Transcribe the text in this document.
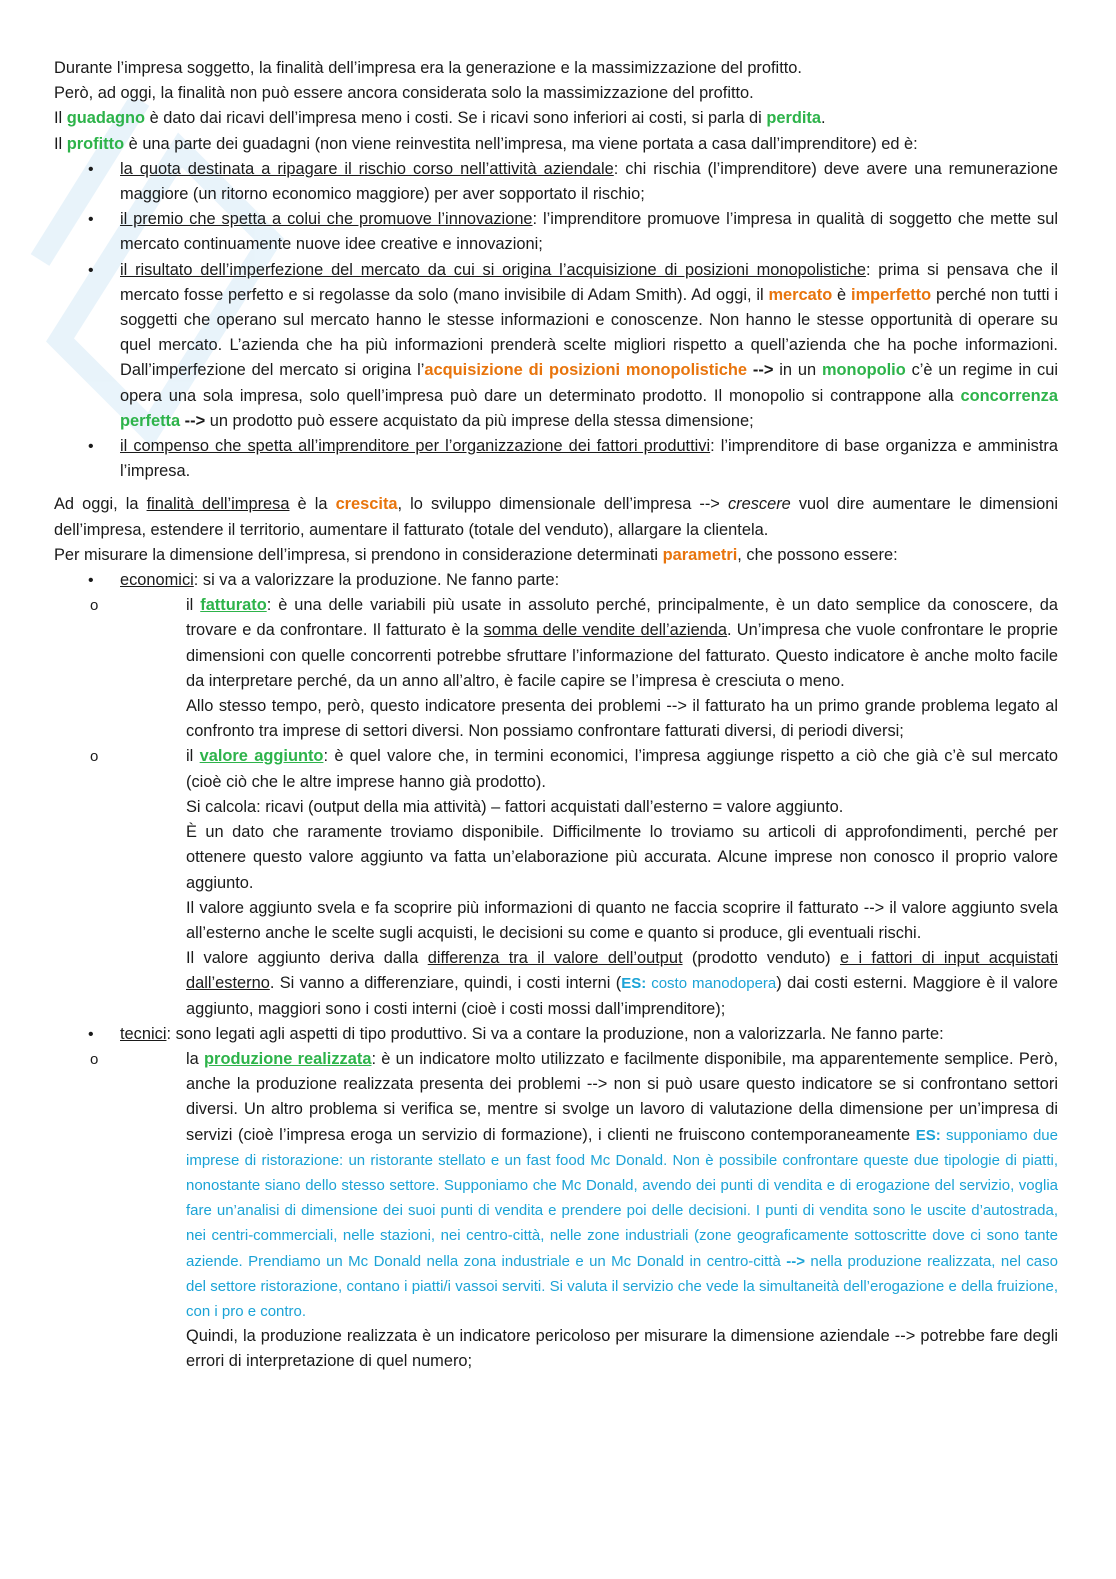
Durante l’impresa soggetto, la finalità dell’impresa era la generazione e la massimizzazione del profitto.

Però, ad oggi, la finalità non può essere ancora considerata solo la massimizzazione del profitto.

Il guadagno è dato dai ricavi dell’impresa meno i costi. Se i ricavi sono inferiori ai costi, si parla di perdita.

Il profitto è una parte dei guadagni (non viene reinvestita nell’impresa, ma viene portata a casa dall’imprenditore) ed è:

• la quota destinata a ripagare il rischio corso nell’attività aziendale: chi rischia (l’imprenditore) deve avere una remunerazione maggiore (un ritorno economico maggiore) per aver sopportato il rischio;
• il premio che spetta a colui che promuove l’innovazione: l’imprenditore promuove l’impresa in qualità di soggetto che mette sul mercato continuamente nuove idee creative e innovazioni;
• il risultato dell’imperfezione del mercato da cui si origina l’acquisizione di posizioni monopolistiche: prima si pensava che il mercato fosse perfetto e si regolasse da solo (mano invisibile di Adam Smith). Ad oggi, il mercato è imperfetto perché non tutti i soggetti che operano sul mercato hanno le stesse informazioni e conoscenze. Non hanno le stesse opportunità di operare su quel mercato. L’azienda che ha più informazioni prenderà scelte migliori rispetto a quell’azienda che ha poche informazioni. Dall’imperfezione del mercato si origina l’acquisizione di posizioni monopolistiche --> in un monopolio c’è un regime in cui opera una sola impresa, solo quell’impresa può dare un determinato prodotto. Il monopolio si contrappone alla concorrenza perfetta --> un prodotto può essere acquistato da più imprese della stessa dimensione;
• il compenso che spetta all’imprenditore per l’organizzazione dei fattori produttivi: l’imprenditore di base organizza e amministra l’impresa.

Ad oggi, la finalità dell’impresa è la crescita, lo sviluppo dimensionale dell’impresa --> crescere vuol dire aumentare le dimensioni dell’impresa, estendere il territorio, aumentare il fatturato (totale del venduto), allargare la clientela.

Per misurare la dimensione dell’impresa, si prendono in considerazione determinati parametri, che possono essere:

• economici: si va a valorizzare la produzione. Ne fanno parte:
o il fatturato: è una delle variabili più usate in assoluto perché, principalmente, è un dato semplice da conoscere, da trovare e da confrontare. Il fatturato è la somma delle vendite dell’azienda. Un’impresa che vuole confrontare le proprie dimensioni con quelle concorrenti potrebbe sfruttare l’informazione del fatturato. Questo indicatore è anche molto facile da interpretare perché, da un anno all’altro, è facile capire se l’impresa è cresciuta o meno.
Allo stesso tempo, però, questo indicatore presenta dei problemi --> il fatturato ha un primo grande problema legato al confronto tra imprese di settori diversi. Non possiamo confrontare fatturati diversi, di periodi diversi;
o il valore aggiunto: è quel valore che, in termini economici, l’impresa aggiunge rispetto a ciò che già c’è sul mercato (cioè ciò che le altre imprese hanno già prodotto).
Si calcola: ricavi (output della mia attività) – fattori acquistati dall’esterno = valore aggiunto.
È un dato che raramente troviamo disponibile. Difficilmente lo troviamo su articoli di approfondimenti, perché per ottenere questo valore aggiunto va fatta un’elaborazione più accurata. Alcune imprese non conosco il proprio valore aggiunto.
Il valore aggiunto svela e fa scoprire più informazioni di quanto ne faccia scoprire il fatturato --> il valore aggiunto svela all’esterno anche le scelte sugli acquisti, le decisioni su come e quanto si produce, gli eventuali rischi.
Il valore aggiunto deriva dalla differenza tra il valore dell’output (prodotto venduto) e i fattori di input acquistati dall’esterno. Si vanno a differenziare, quindi, i costi interni (ES: costo manodopera) dai costi esterni. Maggiore è il valore aggiunto, maggiori sono i costi interni (cioè i costi mossi dall’imprenditore);
• tecnici: sono legati agli aspetti di tipo produttivo. Si va a contare la produzione, non a valorizzarla. Ne fanno parte:
o la produzione realizzata: è un indicatore molto utilizzato e facilmente disponibile, ma apparentemente semplice. Però, anche la produzione realizzata presenta dei problemi --> non si può usare questo indicatore se si confrontano settori diversi. Un altro problema si verifica se, mentre si svolge un lavoro di valutazione della dimensione per un’impresa di servizi (cioè l’impresa eroga un servizio di formazione), i clienti ne fruiscono contemporaneamente ES: supponiamo due imprese di ristorazione: un ristorante stellato e un fast food Mc Donald. Non è possibile confrontare queste due tipologie di piatti, nonostante siano dello stesso settore. Supponiamo che Mc Donald, avendo dei punti di vendita e di erogazione del servizio, voglia fare un’analisi di dimensione dei suoi punti di vendita e prendere poi delle decisioni. I punti di vendita sono le uscite d’autostrada, nei centri-commerciali, nelle stazioni, nei centro-città, nelle zone industriali (zone geograficamente sottoscritte dove ci sono tante aziende. Prendiamo un Mc Donald nella zona industriale e un Mc Donald in centro-città --> nella produzione realizzata, nel caso del settore ristorazione, contano i piatti/i vassoi serviti. Si valuta il servizio che vede la simultaneità dell’erogazione e della fruizione, con i pro e contro.
Quindi, la produzione realizzata è un indicatore pericoloso per misurare la dimensione aziendale --> potrebbe fare degli errori di interpretazione di quel numero;
